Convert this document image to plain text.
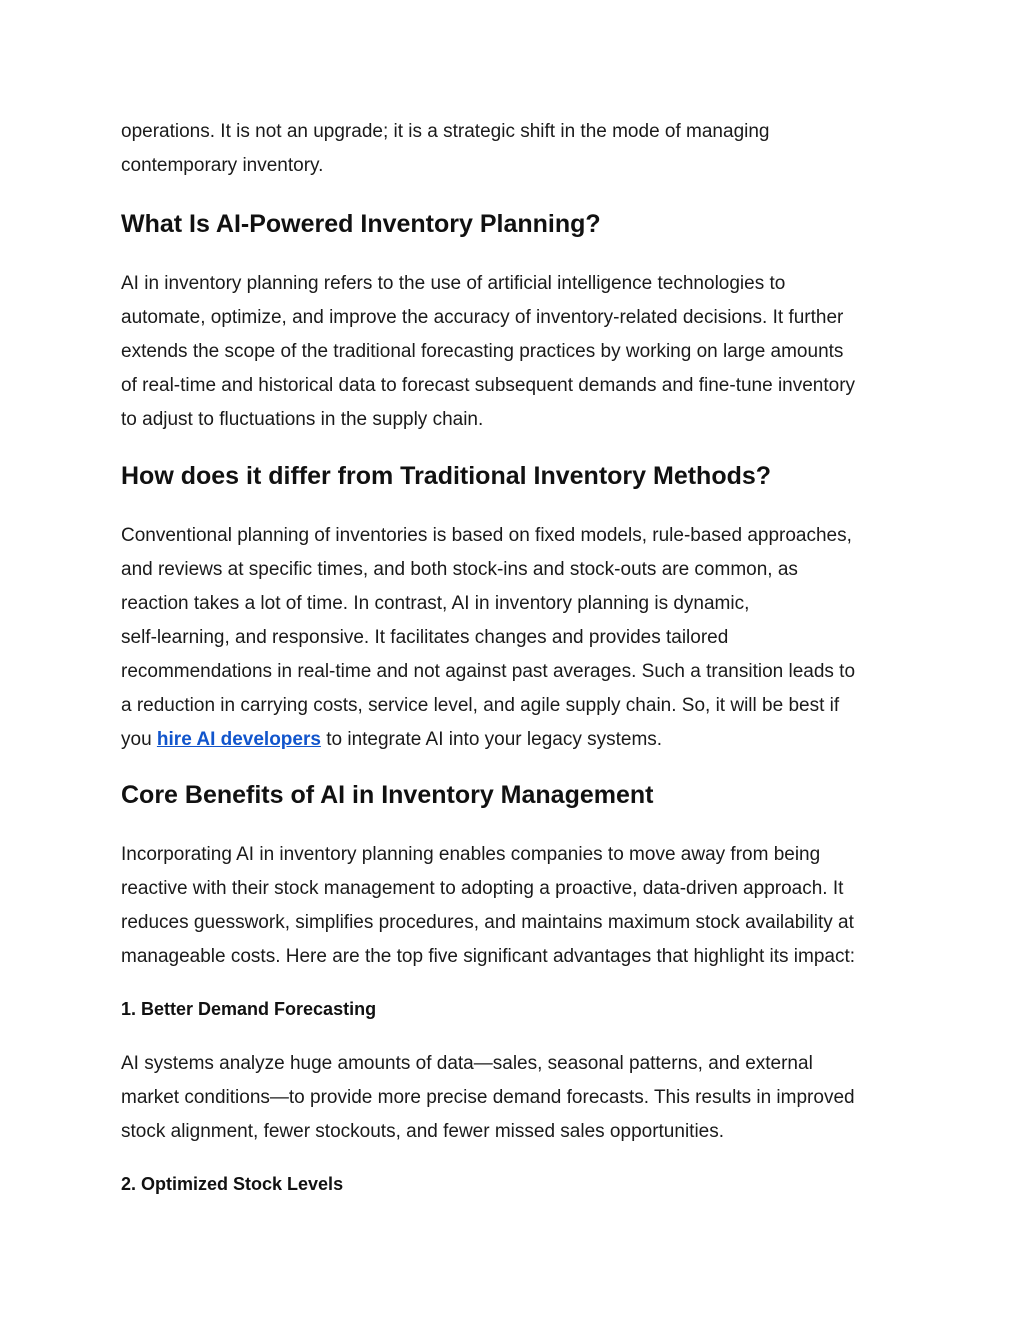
operations. It is not an upgrade; it is a strategic shift in the mode of managing
contemporary inventory.

What Is AI-Powered Inventory Planning?

AI in inventory planning refers to the use of artificial intelligence technologies to
automate, optimize, and improve the accuracy of inventory-related decisions. It further
extends the scope of the traditional forecasting practices by working on large amounts
of real-time and historical data to forecast subsequent demands and fine-tune inventory
to adjust to fluctuations in the supply chain.

How does it differ from Traditional Inventory Methods?

Conventional planning of inventories is based on fixed models, rule-based approaches,
and reviews at specific times, and both stock-ins and stock-outs are common, as
reaction takes a lot of time. In contrast, AI in inventory planning is dynamic,
self-learning, and responsive. It facilitates changes and provides tailored
recommendations in real-time and not against past averages. Such a transition leads to
a reduction in carrying costs, service level, and agile supply chain. So, it will be best if
you hire AI developers to integrate AI into your legacy systems.

Core Benefits of AI in Inventory Management

Incorporating AI in inventory planning enables companies to move away from being
reactive with their stock management to adopting a proactive, data-driven approach. It
reduces guesswork, simplifies procedures, and maintains maximum stock availability at
manageable costs. Here are the top five significant advantages that highlight its impact:

1. Better Demand Forecasting

AI systems analyze huge amounts of data—sales, seasonal patterns, and external
market conditions—to provide more precise demand forecasts. This results in improved
stock alignment, fewer stockouts, and fewer missed sales opportunities.

2. Optimized Stock Levels
